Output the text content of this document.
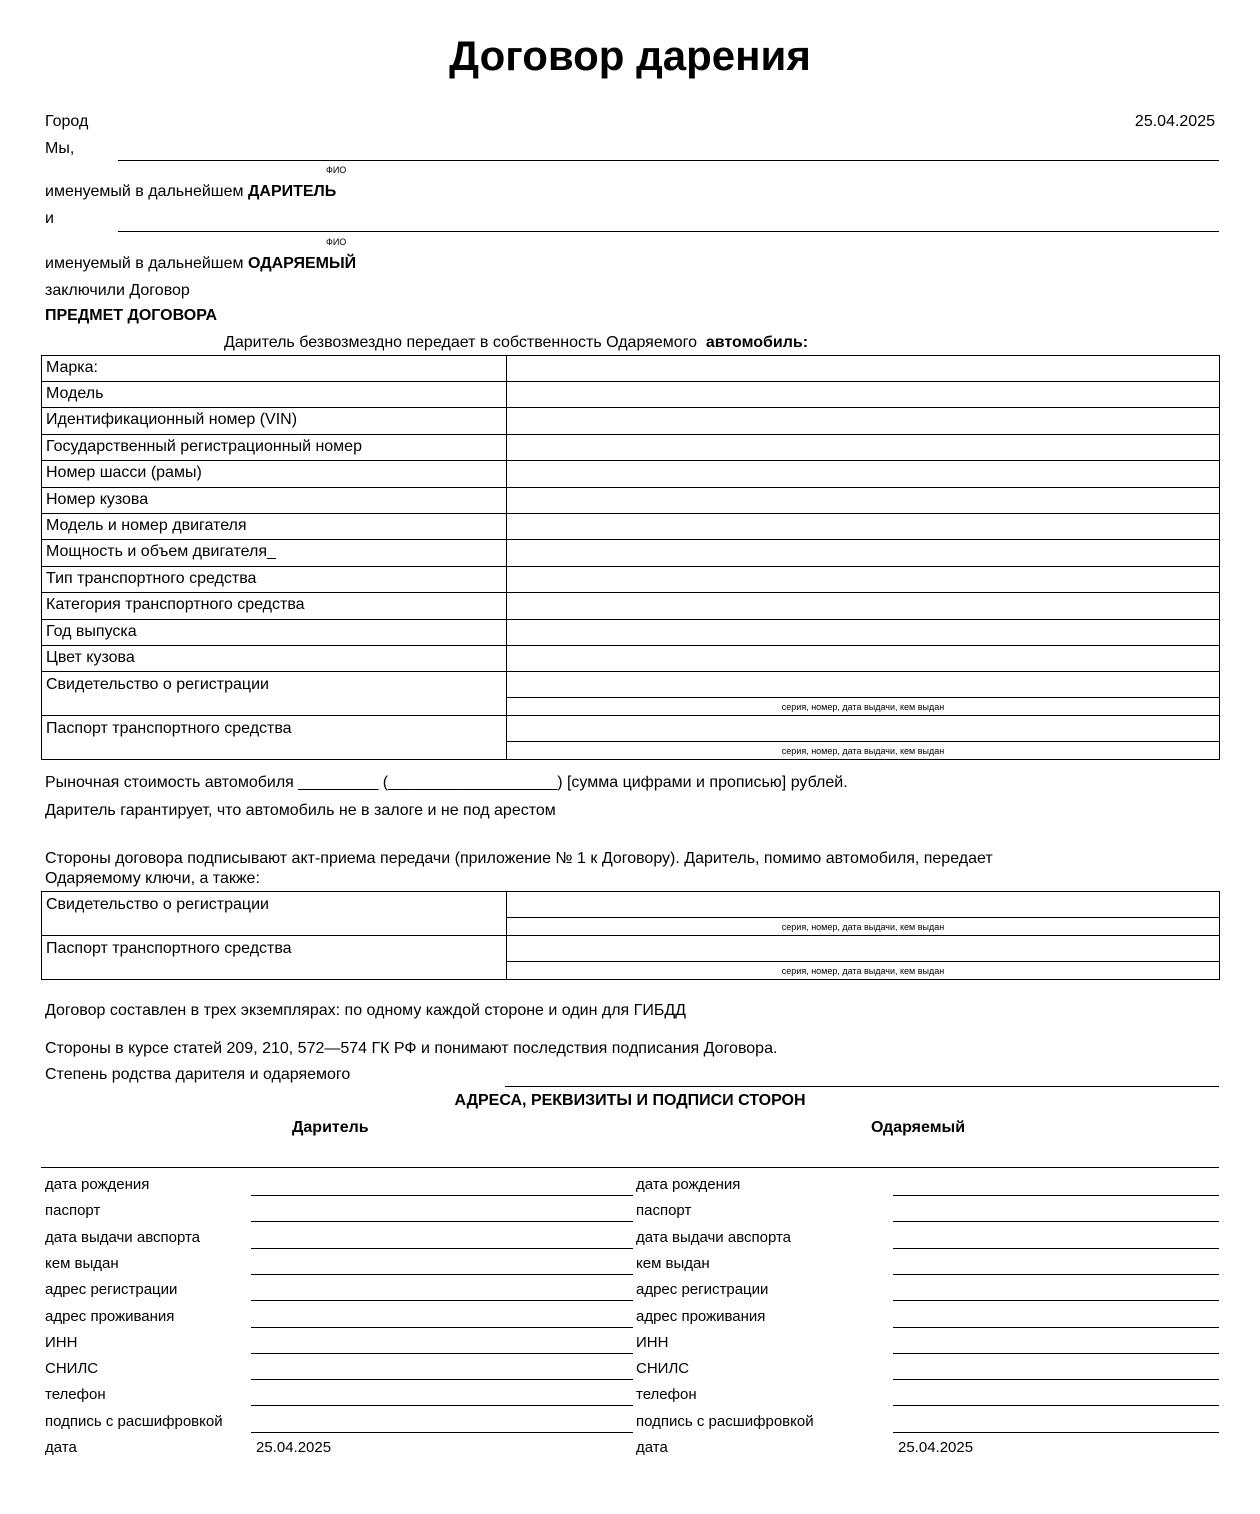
Договор дарения
Город	25.04.2025
Мы,
ФИО
именуемый в дальнейшем ДАРИТЕЛЬ
и
ФИО
именуемый в дальнейшем ОДАРЯЕМЫЙ
заключили Договор
ПРЕДМЕТ ДОГОВОРА
Даритель безвозмездно передает в собственность Одаряемого автомобиль:
Марка:	
Модель	
Идентификационный номер (VIN)	
Государственный регистрационный номер	
Номер шасси (рамы)	
Номер кузова	
Модель и номер двигателя	
Мощность и объем двигателя_	
Тип транспортного средства	
Категория транспортного средства	
Год выпуска	
Цвет кузова	
Свидетельство о регистрации	серия, номер, дата выдачи, кем выдан

Паспорт транспортного средства	серия, номер, дата выдачи, кем выдан
Рыночная стоимость автомобиля _________ (___________________) [сумма цифрами и прописью] рублей.
Даритель гарантирует, что автомобиль не в залоге и не под арестом
Стороны договора подписывают акт-приема передачи (приложение № 1 к Договору). Даритель, помимо автомобиля, передает
Одаряемому ключи, а также:
Свидетельство о регистрации	серия, номер, дата выдачи, кем выдан

Паспорт транспортного средства	серия, номер, дата выдачи, кем выдан
Договор составлен в трех экземплярах: по одному каждой стороне и один для ГИБДД
Стороны в курсе статей 209, 210, 572—574 ГК РФ и понимают последствия подписания Договора.
Степень родства дарителя и одаряемого
АДРЕСА, РЕКВИЗИТЫ И ПОДПИСИ СТОРОН
Даритель	Одаряемый
дата рождения	дата рождения
паспорт	паспорт
дата выдачи авспорта	дата выдачи авспорта
кем выдан	кем выдан
адрес регистрации	адрес регистрации
адрес проживания	адрес проживания
ИНН	ИНН
СНИЛС	СНИЛС
телефон	телефон
подпись с расшифровкой	подпись с расшифровкой
дата	25.04.2025	дата	25.04.2025
